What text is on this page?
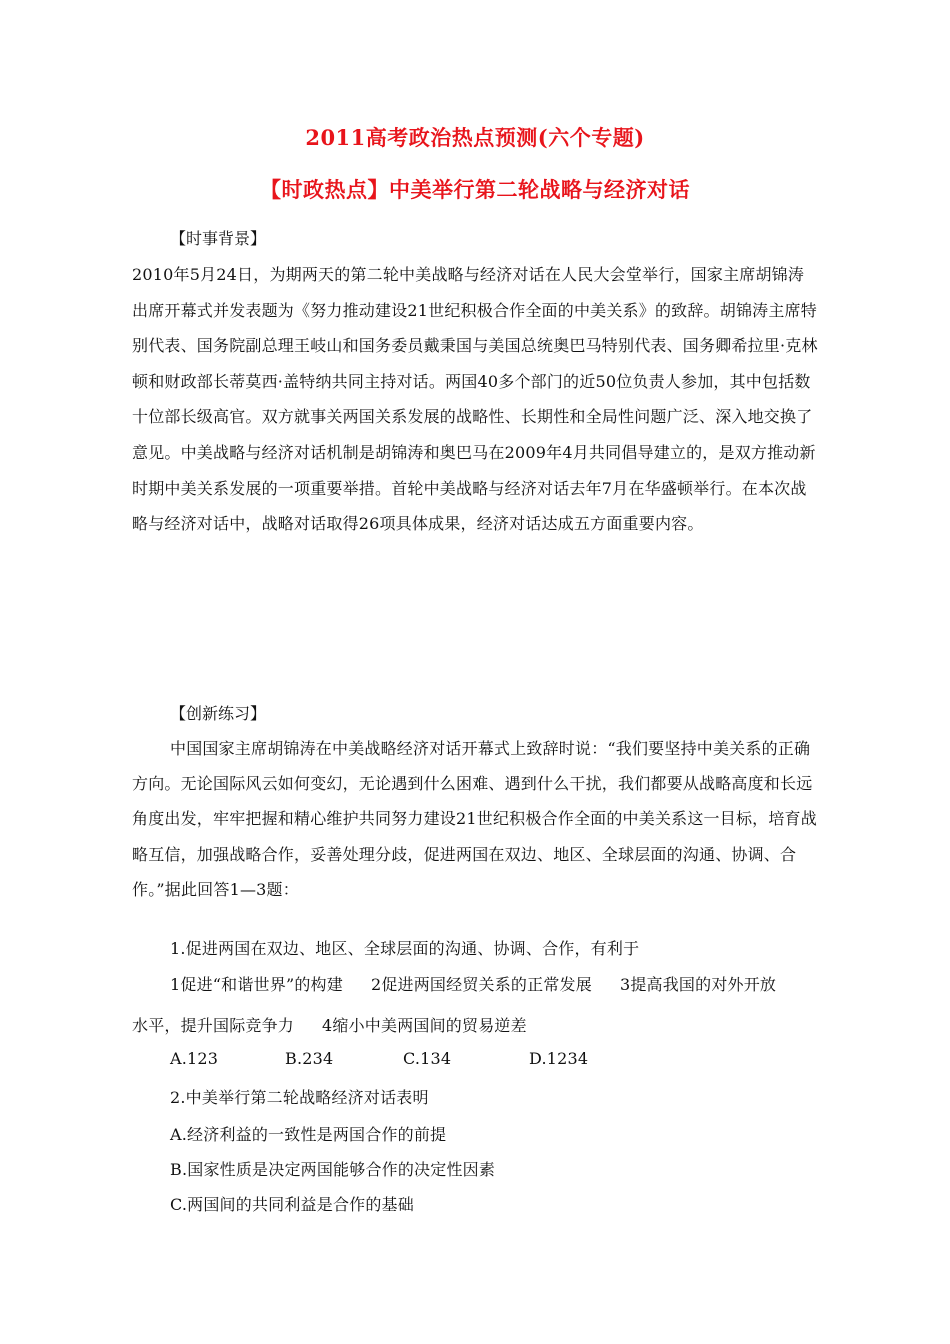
2011高考政治热点预测(六个专题)
【时政热点】中美举行第二轮战略与经济对话
【时事背景】
2010年5月24日，为期两天的第二轮中美战略与经济对话在人民大会堂举行，国家主席胡锦涛出席开幕式并发表题为《努力推动建设21世纪积极合作全面的中美关系》的致辞。胡锦涛主席特别代表、国务院副总理王岐山和国务委员戴秉国与美国总统奥巴马特别代表、国务卿希拉里·克林顿和财政部长蒂莫西·盖特纳共同主持对话。两国40多个部门的近50位负责人参加，其中包括数十位部长级高官。双方就事关两国关系发展的战略性、长期性和全局性问题广泛、深入地交换了意见。中美战略与经济对话机制是胡锦涛和奥巴马在2009年4月共同倡导建立的，是双方推动新时期中美关系发展的一项重要举措。首轮中美战略与经济对话去年7月在华盛顿举行。在本次战略与经济对话中，战略对话取得26项具体成果，经济对话达成五方面重要内容。
【创新练习】
中国国家主席胡锦涛在中美战略经济对话开幕式上致辞时说：“我们要坚持中美关系的正确方向。无论国际风云如何变幻，无论遇到什么困难、遇到什么干扰，我们都要从战略高度和长远角度出发，牢牢把握和精心维护共同努力建设21世纪积极合作全面的中美关系这一目标，培育战略互信，加强战略合作，妥善处理分歧，促进两国在双边、地区、全球层面的沟通、协调、合作。”据此回答1—3题：
1.促进两国在双边、地区、全球层面的沟通、协调、合作，有利于
1促进“和谐世界”的构建 2促进两国经贸关系的正常发展 3提高我国的对外开放
水平，提升国际竞争力 4缩小中美两国间的贸易逆差
A.123	B.234	C.134	D.1234
2.中美举行第二轮战略经济对话表明
A.经济利益的一致性是两国合作的前提
B.国家性质是决定两国能够合作的决定性因素
C.两国间的共同利益是合作的基础
